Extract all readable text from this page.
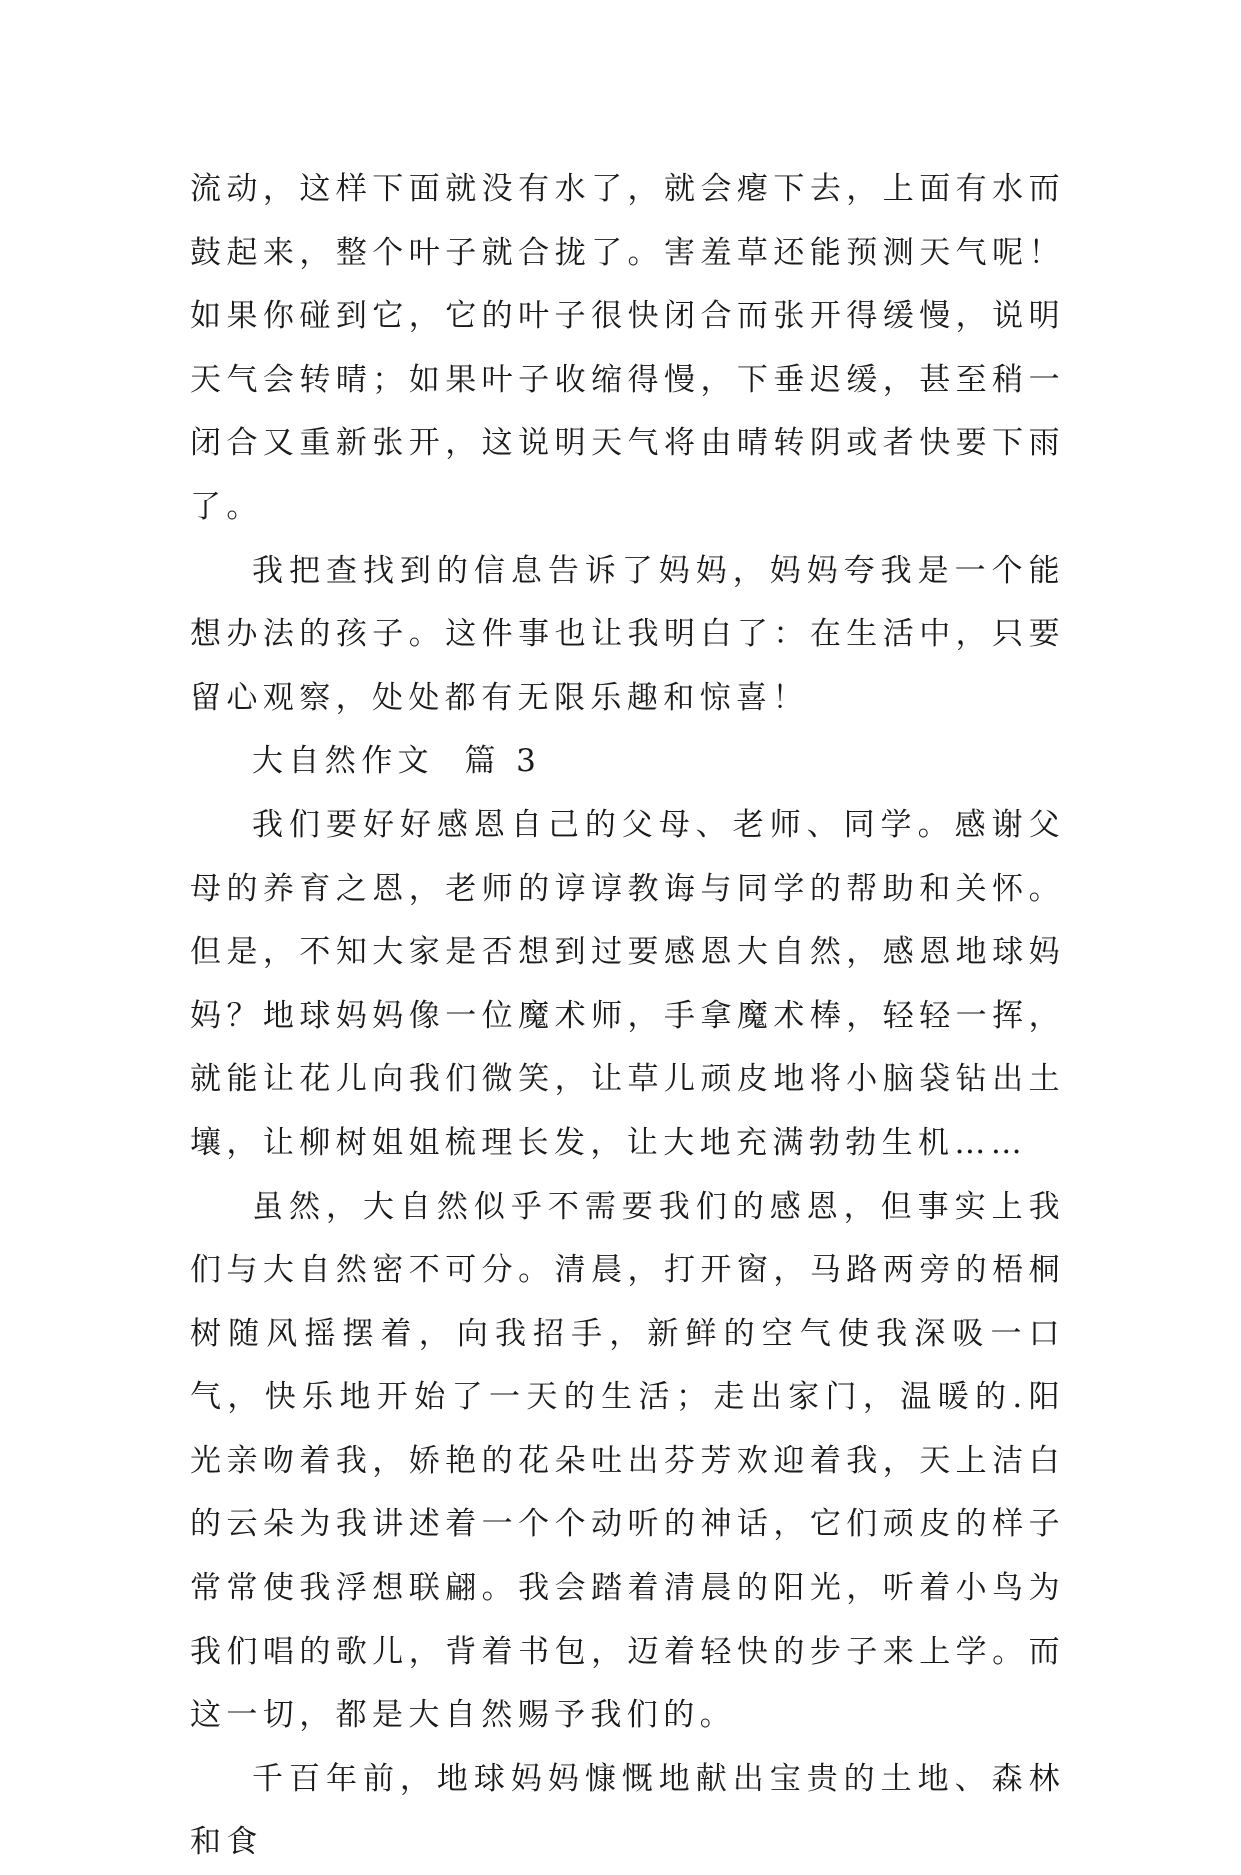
流动，这样下面就没有水了，就会瘪下去，上面有水而鼓起来，整个叶子就合拢了。害羞草还能预测天气呢！如果你碰到它，它的叶子很快闭合而张开得缓慢，说明天气会转晴；如果叶子收缩得慢，下垂迟缓，甚至稍一闭合又重新张开，这说明天气将由晴转阴或者快要下雨了。

我把查找到的信息告诉了妈妈，妈妈夸我是一个能想办法的孩子。这件事也让我明白了：在生活中，只要留心观察，处处都有无限乐趣和惊喜！

大自然作文  篇 3

我们要好好感恩自己的父母、老师、同学。感谢父母的养育之恩，老师的谆谆教诲与同学的帮助和关怀。但是，不知大家是否想到过要感恩大自然，感恩地球妈妈？地球妈妈像一位魔术师，手拿魔术棒，轻轻一挥，就能让花儿向我们微笑，让草儿顽皮地将小脑袋钻出土壤，让柳树姐姐梳理长发，让大地充满勃勃生机……

虽然，大自然似乎不需要我们的感恩，但事实上我们与大自然密不可分。清晨，打开窗，马路两旁的梧桐树随风摇摆着，向我招手，新鲜的空气使我深吸一口气，快乐地开始了一天的生活；走出家门，温暖的.阳光亲吻着我，娇艳的花朵吐出芬芳欢迎着我，天上洁白的云朵为我讲述着一个个动听的神话，它们顽皮的样子常常使我浮想联翩。我会踏着清晨的阳光，听着小鸟为我们唱的歌儿，背着书包，迈着轻快的步子来上学。而这一切，都是大自然赐予我们的。

千百年前，地球妈妈慷慨地献出宝贵的土地、森林和食
